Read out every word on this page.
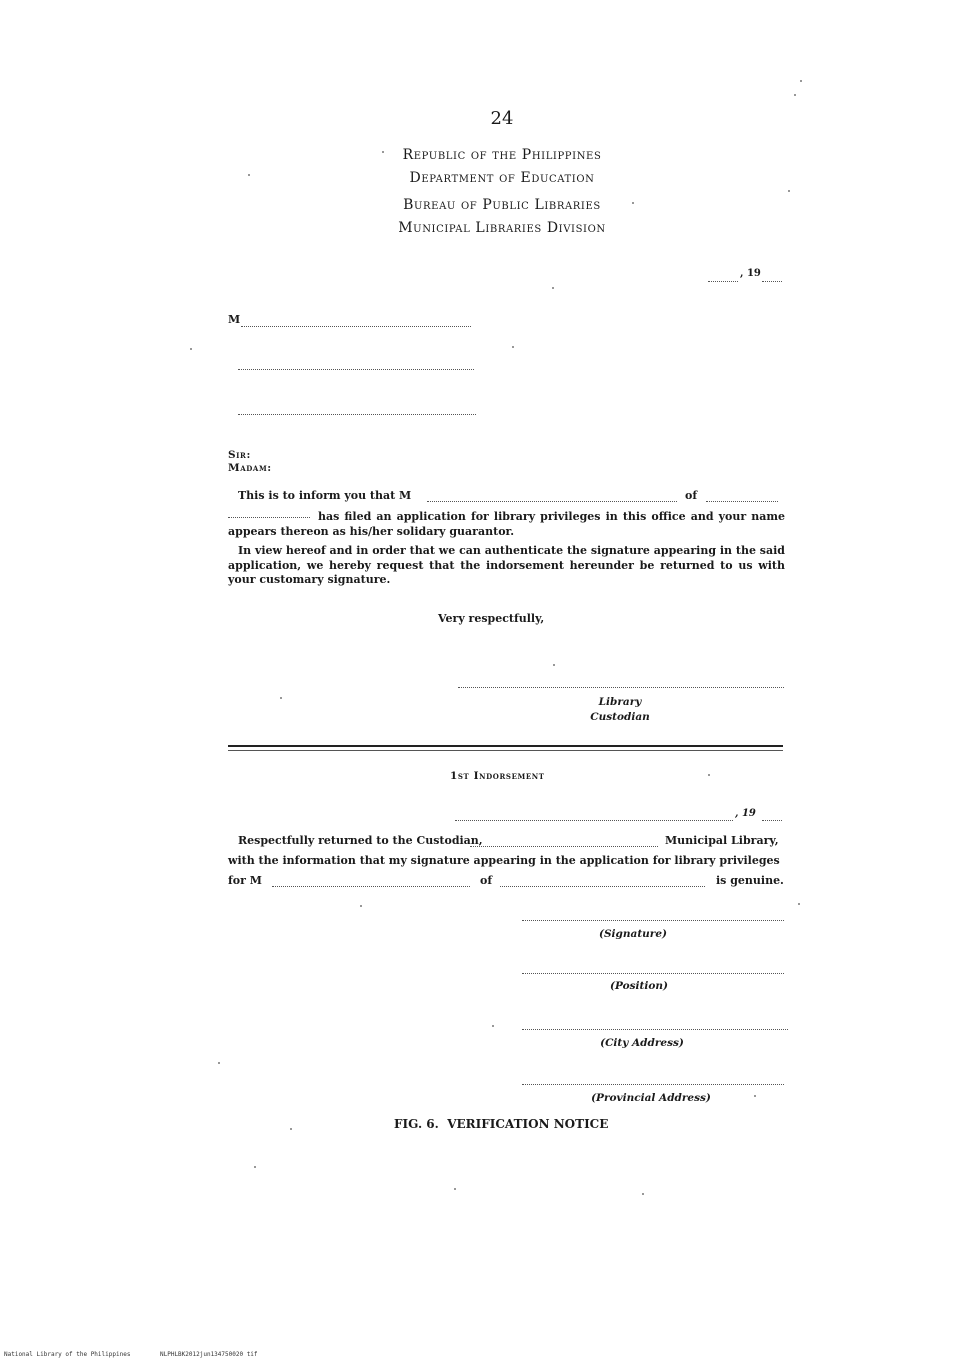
24
Republic of the Philippines
Department of Education
Bureau of Public Libraries
Municipal Libraries Division
, 19
M
Sir:
Madam:
This is to inform you that M	of
has filed an application for library privileges in this office and your name appears thereon as his/her solidary guarantor.
In view hereof and in order that we can authenticate the signature appearing in the said application, we hereby request that the indorsement hereunder be returned to us with your customary signature.
Very respectfully,
Library
Custodian
1st Indorsement
, 19
Respectfully returned to the Custodian,	Municipal Library,
with the information that my signature appearing in the application for library privileges
for M	of	is genuine.
(Signature)
(Position)
(City Address)
(Provincial Address)
FIG. 6.  VERIFICATION NOTICE
National Library of the Philippines	NLPHLBK2012jun134750020 tif
